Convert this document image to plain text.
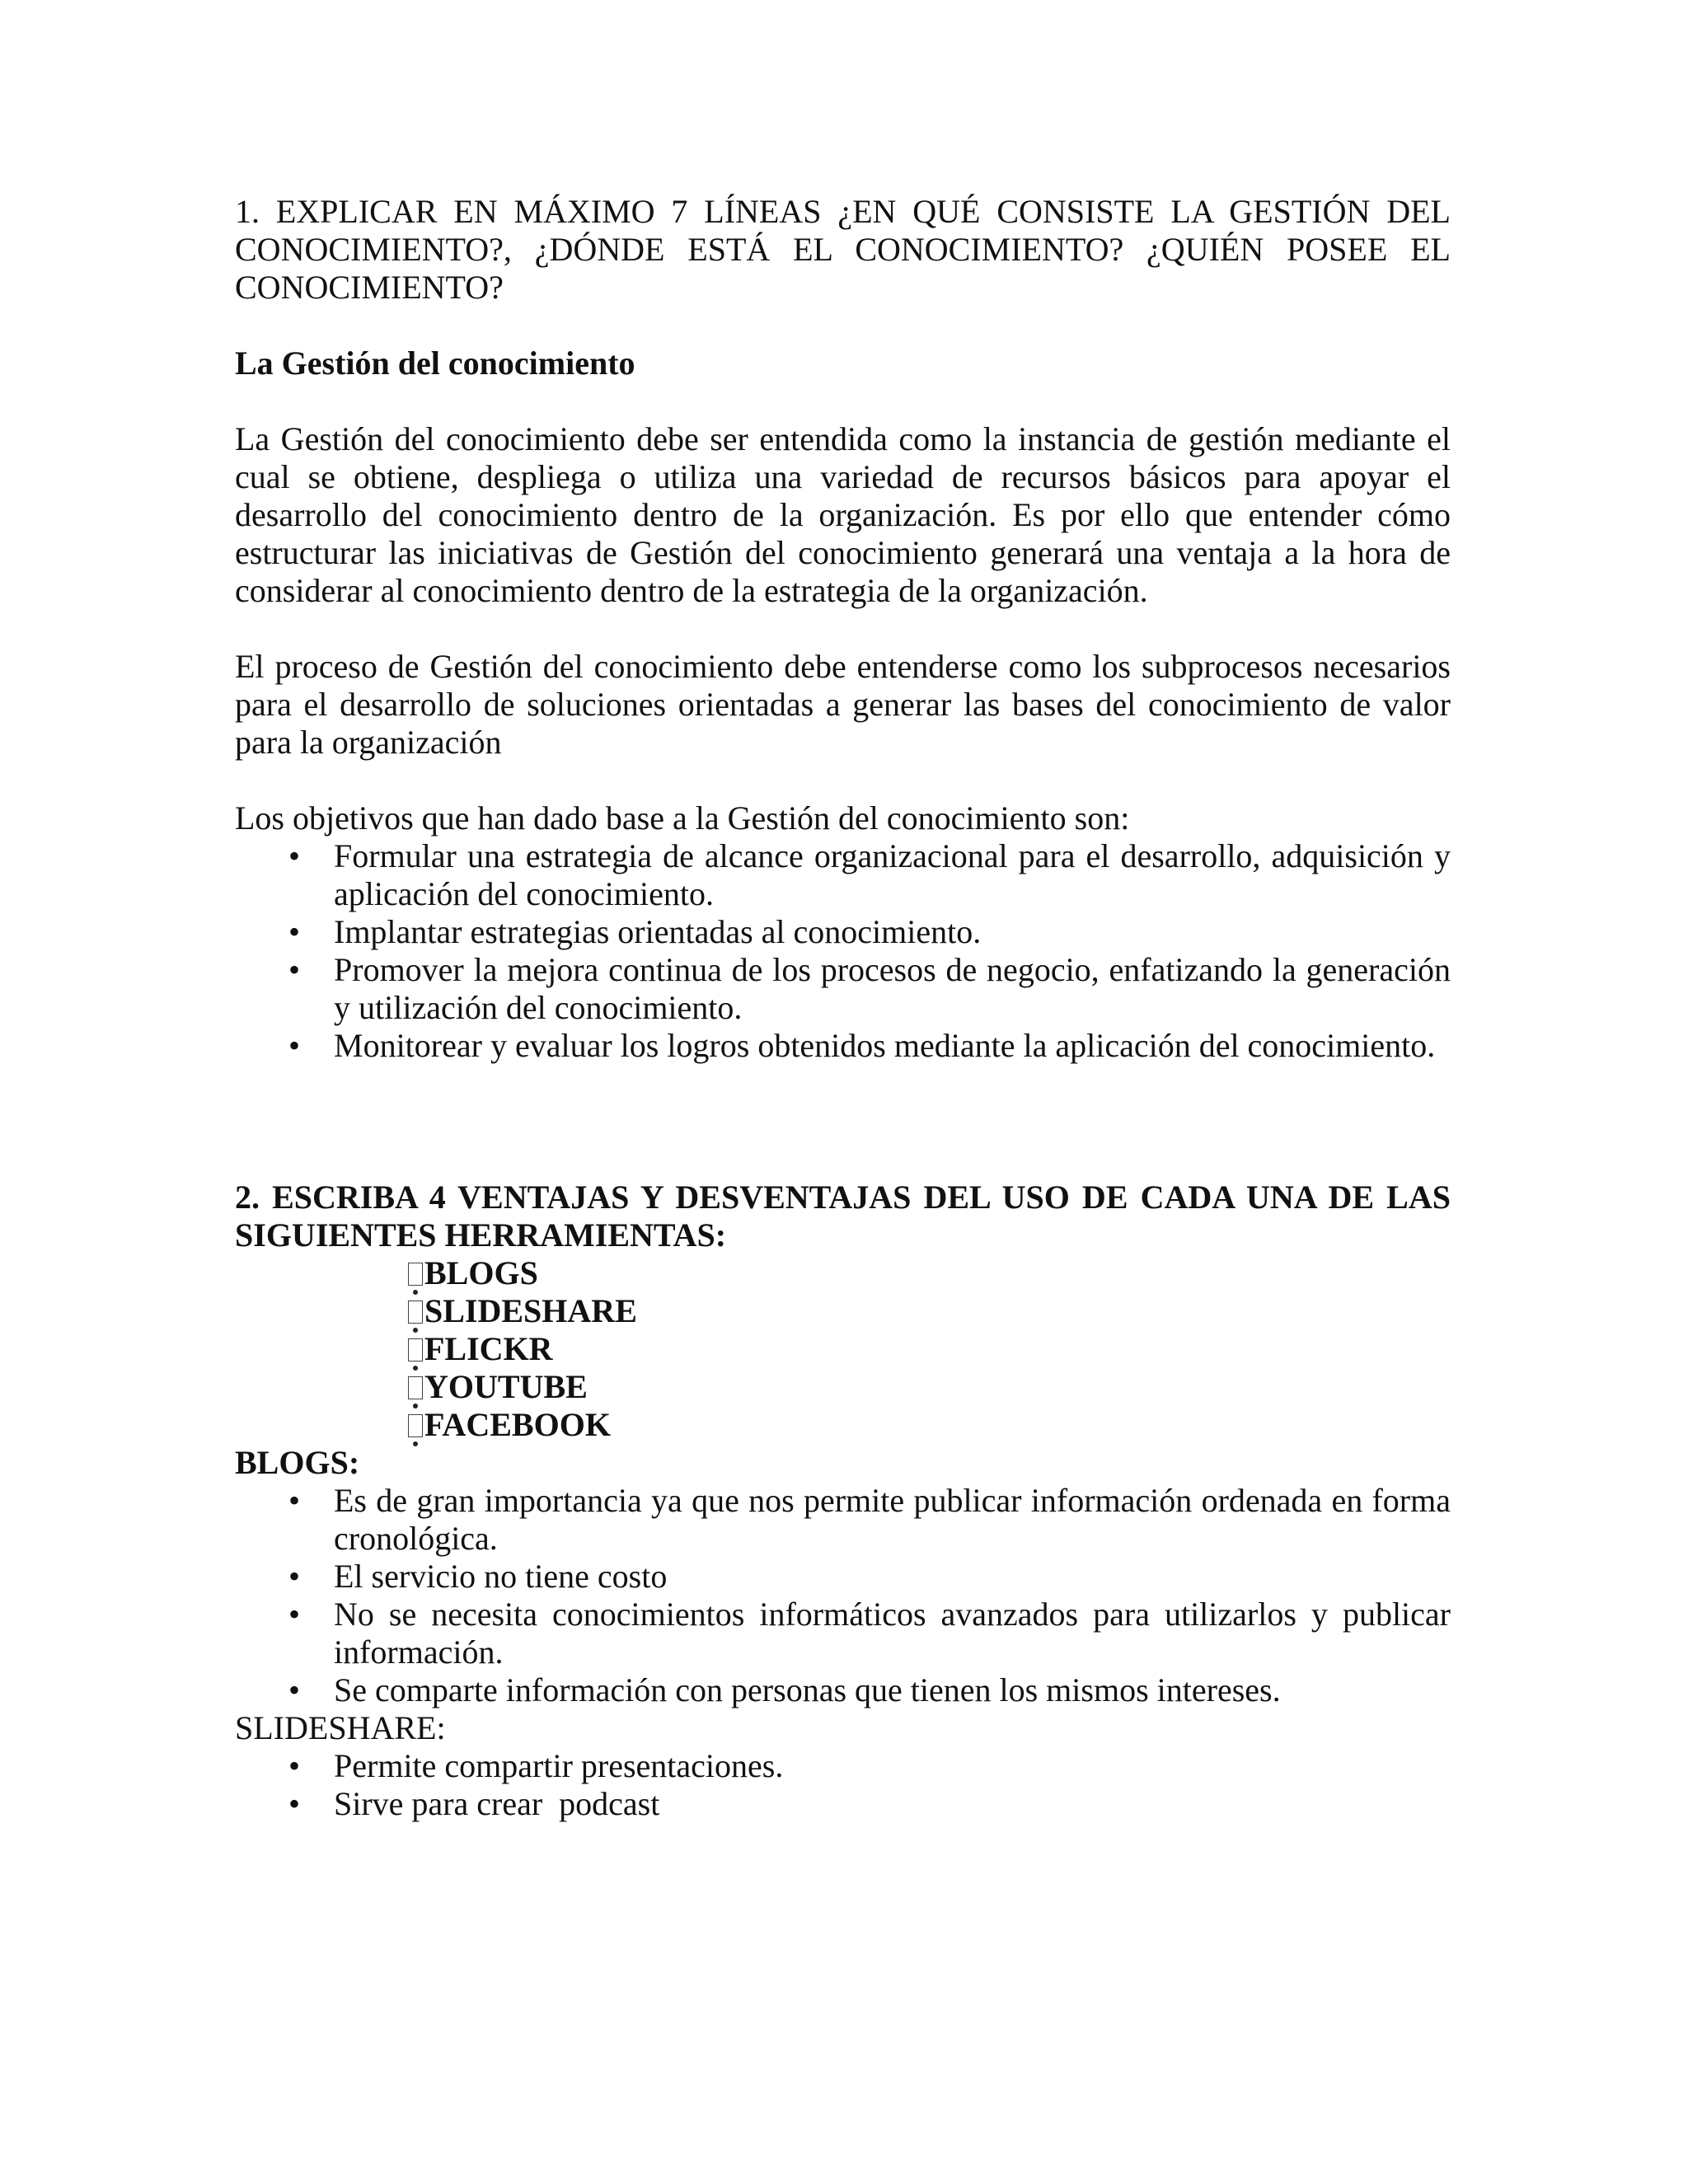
1. EXPLICAR EN MÁXIMO 7 LÍNEAS ¿EN QUÉ CONSISTE LA GESTIÓN DEL CONOCIMIENTO?, ¿DÓNDE ESTÁ EL CONOCIMIENTO? ¿QUIÉN POSEE EL CONOCIMIENTO?

La Gestión del conocimiento

La Gestión del conocimiento debe ser entendida como la instancia de gestión mediante el cual se obtiene, despliega o utiliza una variedad de recursos básicos para apoyar el desarrollo del conocimiento dentro de la organización. Es por ello que entender cómo estructurar las iniciativas de Gestión del conocimiento generará una ventaja a la hora de considerar al conocimiento dentro de la estrategia de la organización.

El proceso de Gestión del conocimiento debe entenderse como los subprocesos necesarios para el desarrollo de soluciones orientadas a generar las bases del conocimiento de valor para la organización

Los objetivos que han dado base a la Gestión del conocimiento son:

• Formular una estrategia de alcance organizacional para el desarrollo, adquisición y aplicación del conocimiento.
• Implantar estrategias orientadas al conocimiento.
• Promover la mejora continua de los procesos de negocio, enfatizando la generación y utilización del conocimiento.
• Monitorear y evaluar los logros obtenidos mediante la aplicación del conocimiento.

2. ESCRIBA 4 VENTAJAS Y DESVENTAJAS DEL USO DE CADA UNA DE LAS SIGUIENTES HERRAMIENTAS:

BLOGS
SLIDESHARE
FLICKR
YOUTUBE
FACEBOOK

BLOGS:

• Es de gran importancia ya que nos permite publicar información ordenada en forma cronológica.
• El servicio no tiene costo
• No se necesita conocimientos informáticos avanzados para utilizarlos y publicar información.
• Se comparte información con personas que tienen los mismos intereses.

SLIDESHARE:

• Permite compartir presentaciones.
• Sirve para crear  podcast
